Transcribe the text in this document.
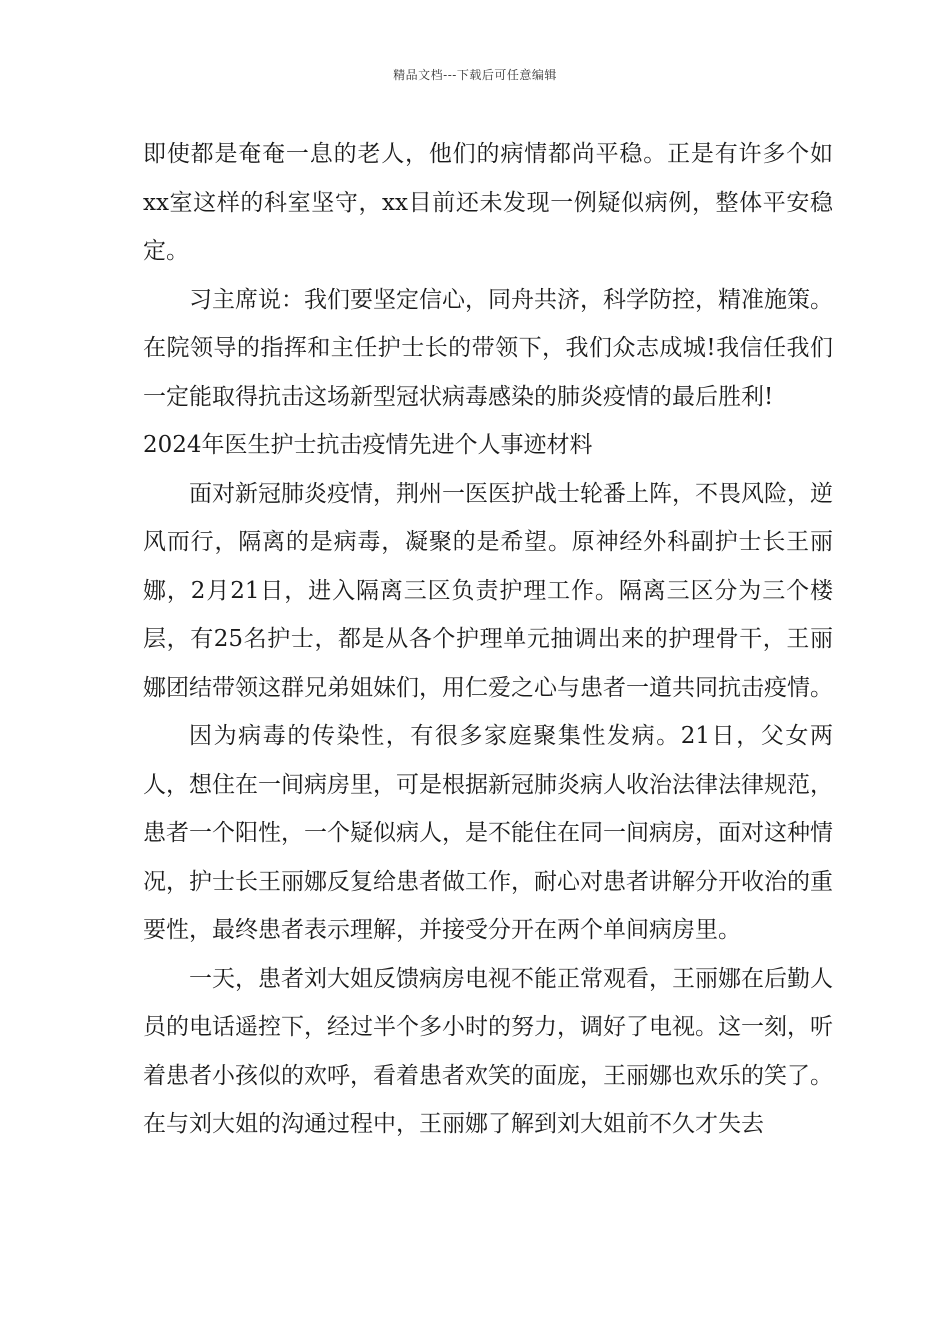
精品文档---下载后可任意编辑

即使都是奄奄一息的老人，他们的病情都尚平稳。正是有许多个如xx室这样的科室坚守，xx目前还未发现一例疑似病例，整体平安稳定。

习主席说：我们要坚定信心，同舟共济，科学防控，精准施策。在院领导的指挥和主任护士长的带领下，我们众志成城!我信任我们一定能取得抗击这场新型冠状病毒感染的肺炎疫情的最后胜利!

2024年医生护士抗击疫情先进个人事迹材料

面对新冠肺炎疫情，荆州一医医护战士轮番上阵，不畏风险，逆风而行，隔离的是病毒，凝聚的是希望。原神经外科副护士长王丽娜，2月21日，进入隔离三区负责护理工作。隔离三区分为三个楼层，有25名护士，都是从各个护理单元抽调出来的护理骨干，王丽娜团结带领这群兄弟姐妹们，用仁爱之心与患者一道共同抗击疫情。

因为病毒的传染性，有很多家庭聚集性发病。21日，父女两人，想住在一间病房里，可是根据新冠肺炎病人收治法律法律规范，患者一个阳性，一个疑似病人，是不能住在同一间病房，面对这种情况，护士长王丽娜反复给患者做工作，耐心对患者讲解分开收治的重要性，最终患者表示理解，并接受分开在两个单间病房里。

一天，患者刘大姐反馈病房电视不能正常观看，王丽娜在后勤人员的电话遥控下，经过半个多小时的努力，调好了电视。这一刻，听着患者小孩似的欢呼，看着患者欢笑的面庞，王丽娜也欢乐的笑了。在与刘大姐的沟通过程中，王丽娜了解到刘大姐前不久才失去
